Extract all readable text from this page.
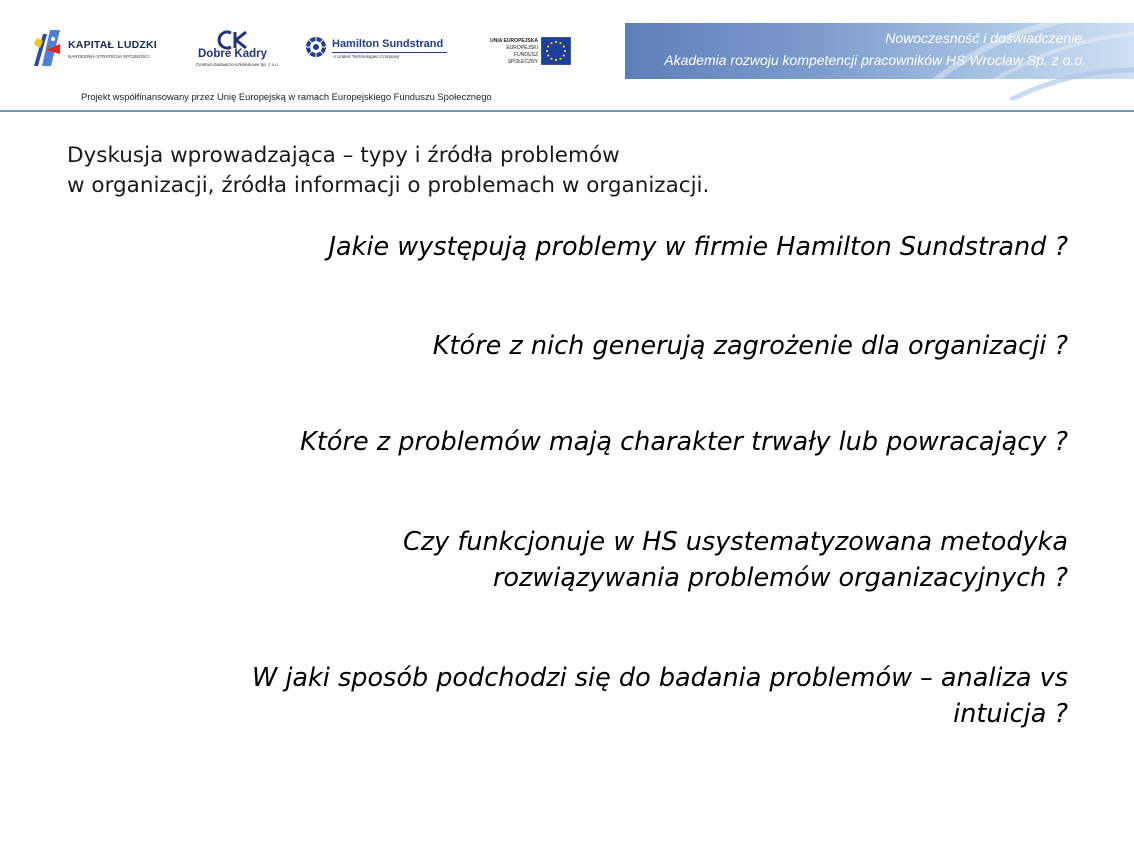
KAPITAŁ LUDZKI
NARODOWA STRATEGIA SPÓJNOŚCI	Dobre Kadry
Centrum badawczo-szkoleniowe Sp. z o.o.
Hamilton Sundstrand
A United Technologies Company
UNIA EUROPEJSKA
EUROPEJSKI
FUNDUSZ SPOŁECZNY
Nowoczesność i doświadczenie.
Akademia rozwoju kompetencji pracowników HS Wrocław Sp. z o.o.
Projekt współfinansowany przez Unię Europejską w ramach Europejskiego Funduszu Społecznego
Dyskusja wprowadzająca – typy i źródła problemów
w organizacji, źródła informacji o problemach w organizacji.
Jakie występują problemy w firmie Hamilton Sundstrand ?
Które z nich generują zagrożenie dla organizacji ?
Które z problemów mają charakter trwały lub powracający ?
Czy funkcjonuje w HS usystematyzowana metodyka
rozwiązywania problemów organizacyjnych ?
W jaki sposób podchodzi się do badania problemów – analiza vs
intuicja ?
